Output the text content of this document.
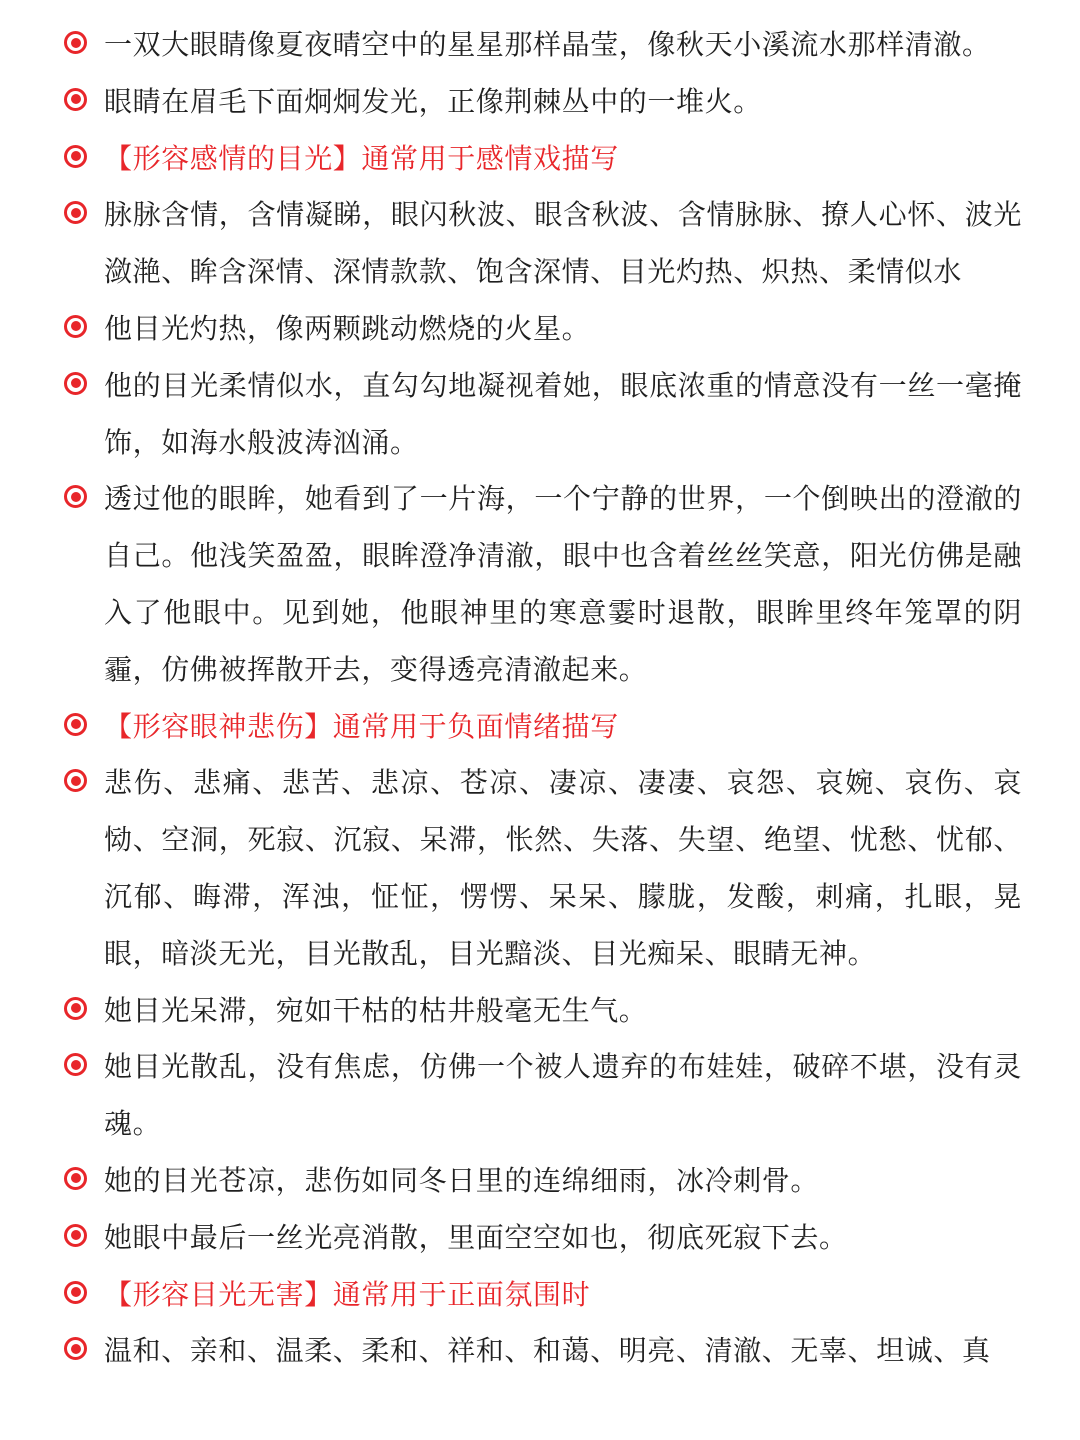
一双大眼睛像夏夜晴空中的星星那样晶莹，像秋天小溪流水那样清澈。
眼睛在眉毛下面炯炯发光，正像荆棘丛中的一堆火。
【形容感情的目光】通常用于感情戏描写
脉脉含情，含情凝睇，眼闪秋波、眼含秋波、含情脉脉、撩人心怀、波光潋滟、眸含深情、深情款款、饱含深情、目光灼热、炽热、柔情似水
他目光灼热，像两颗跳动燃烧的火星。
他的目光柔情似水，直勾勾地凝视着她，眼底浓重的情意没有一丝一毫掩饰，如海水般波涛汹涌。
透过他的眼眸，她看到了一片海，一个宁静的世界，一个倒映出的澄澈的自己。他浅笑盈盈，眼眸澄净清澈，眼中也含着丝丝笑意，阳光仿佛是融入了他眼中。见到她，他眼神里的寒意霎时退散，眼眸里终年笼罩的阴霾，仿佛被挥散开去，变得透亮清澈起来。
【形容眼神悲伤】通常用于负面情绪描写
悲伤、悲痛、悲苦、悲凉、苍凉、凄凉、凄凄、哀怨、哀婉、哀伤、哀恸、空洞，死寂、沉寂、呆滞，怅然、失落、失望、绝望、忧愁、忧郁、沉郁、晦滞，浑浊，怔怔，愣愣、呆呆、朦胧，发酸，刺痛，扎眼，晃眼，暗淡无光，目光散乱，目光黯淡、目光痴呆、眼睛无神。
她目光呆滞，宛如干枯的枯井般毫无生气。
她目光散乱，没有焦虑，仿佛一个被人遗弃的布娃娃，破碎不堪，没有灵魂。
她的目光苍凉，悲伤如同冬日里的连绵细雨，冰冷刺骨。
她眼中最后一丝光亮消散，里面空空如也，彻底死寂下去。
【形容目光无害】通常用于正面氛围时
温和、亲和、温柔、柔和、祥和、和蔼、明亮、清澈、无辜、坦诚、真
